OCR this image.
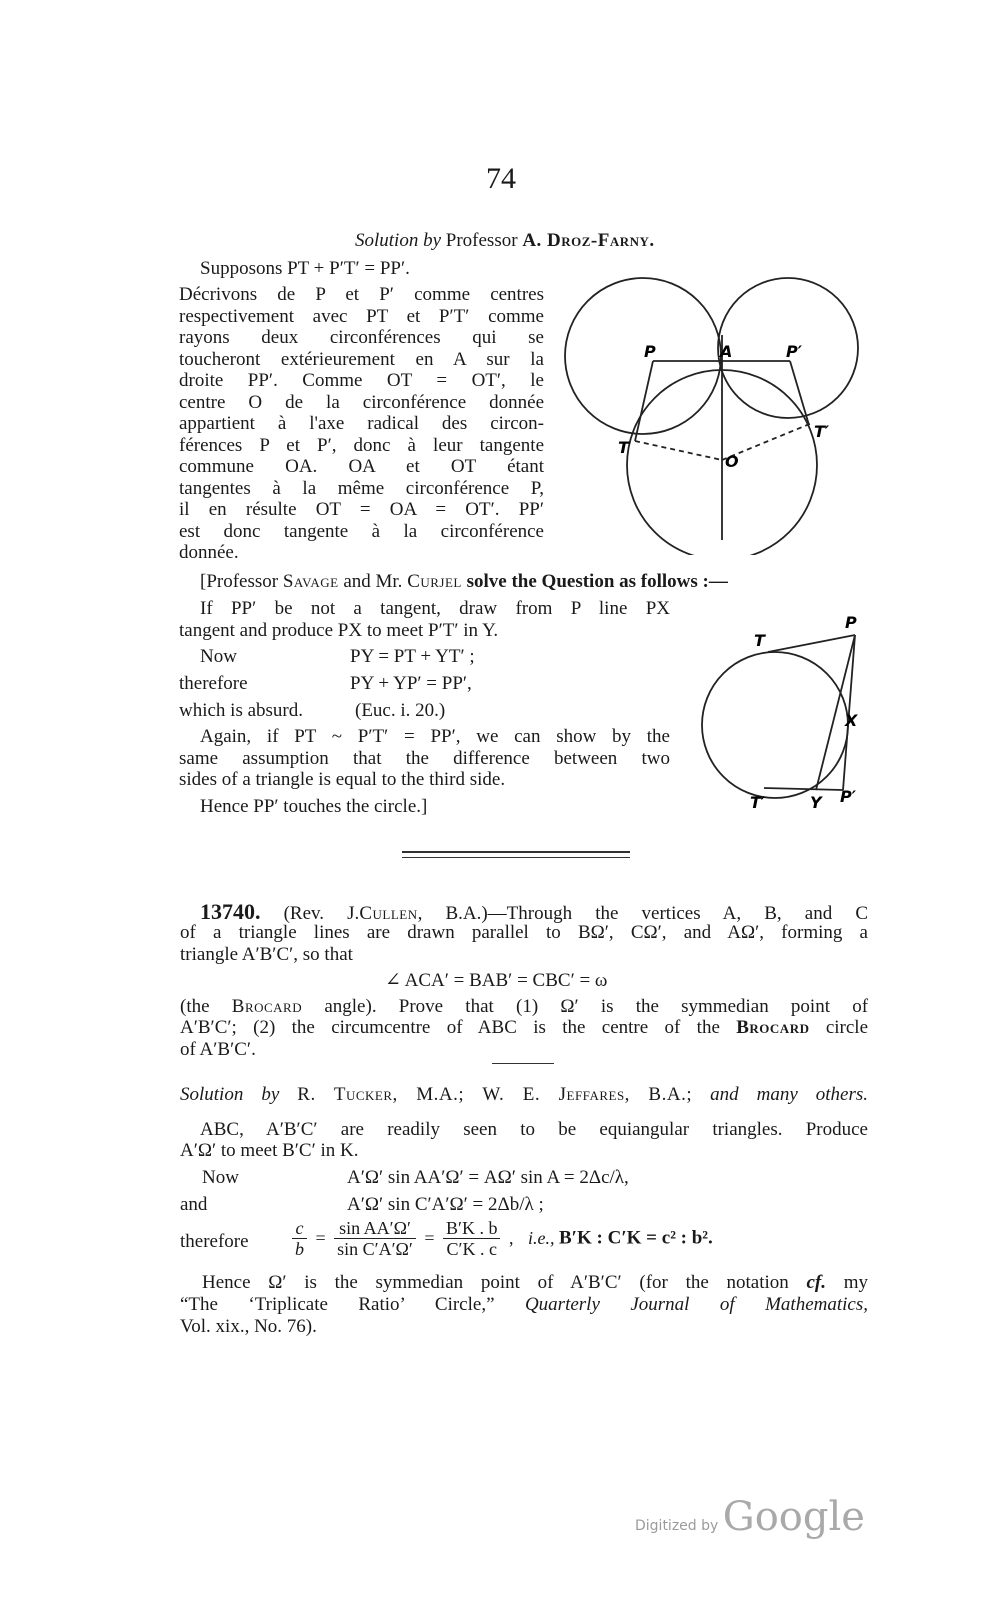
74
Solution by Professor A. Droz-Farny.
Supposons PT + P′T′ = PP′.
Décrivons de P et P′ comme centres
respectivement avec PT et P′T′ comme
rayons deux circonférences qui se
toucheront extérieurement en A sur la
droite PP′. Comme OT = OT′, le
centre O de la circonférence donnée
appartient à l'axe radical des circon-
férences P et P′, donc à leur tangente
commune OA. OA et OT étant
tangentes à la même circonférence P,
il en résulte OT = OA = OT′. PP′
est donc tangente à la circonférence
donnée.
P	A	P′
T
O
T′
[Professor Savage and Mr. Curjel solve the Question as follows :—
If PP′ be not a tangent, draw from P line PX
tangent and produce PX to meet P′T′ in Y.
Now	PY = PT + YT′ ;
therefore	PY + YP′ = PP′,
which is absurd.	(Euc. i. 20.)
Again, if PT ~ P′T′ = PP′, we can show by the
same assumption that the difference between two
sides of a triangle is equal to the third side.
Hence PP′ touches the circle.]
T
P
X
T′	Y P′
13740. (Rev. J.Cullen, B.A.)—Through the vertices A, B, and C
of a triangle lines are drawn parallel to BΩ′, CΩ′, and AΩ′, forming a
triangle A′B′C′, so that
∠ ACA′ = BAB′ = CBC′ = ω
(the Brocard angle). Prove that (1) Ω′ is the symmedian point of
A′B′C′; (2) the circumcentre of ABC is the centre of the Brocard circle
of A′B′C′.
Solution by R. Tucker, M.A.; W. E. Jeffares, B.A.; and many others.
ABC, A′B′C′ are readily seen to be equiangular triangles. Produce
A′Ω′ to meet B′C′ in K.
Now	A′Ω′ sin AA′Ω′ = AΩ′ sin A = 2Δc/λ,
and	A′Ω′ sin C′A′Ω′ = 2Δb/λ ;
therefore $\frac{c}{b} = \frac{\text{sin AA′Ω′}}{\text{sin C′A′Ω′}} = \frac{B'K . b}{C'K . c}$ , i.e., B′K : C′K = c² : b².
Hence Ω′ is the symmedian point of A′B′C′ (for the notation cf. my
“The ‘Triplicate Ratio’ Circle,” Quarterly Journal of Mathematics,
Vol. xix., No. 76).
Digitized by Google
